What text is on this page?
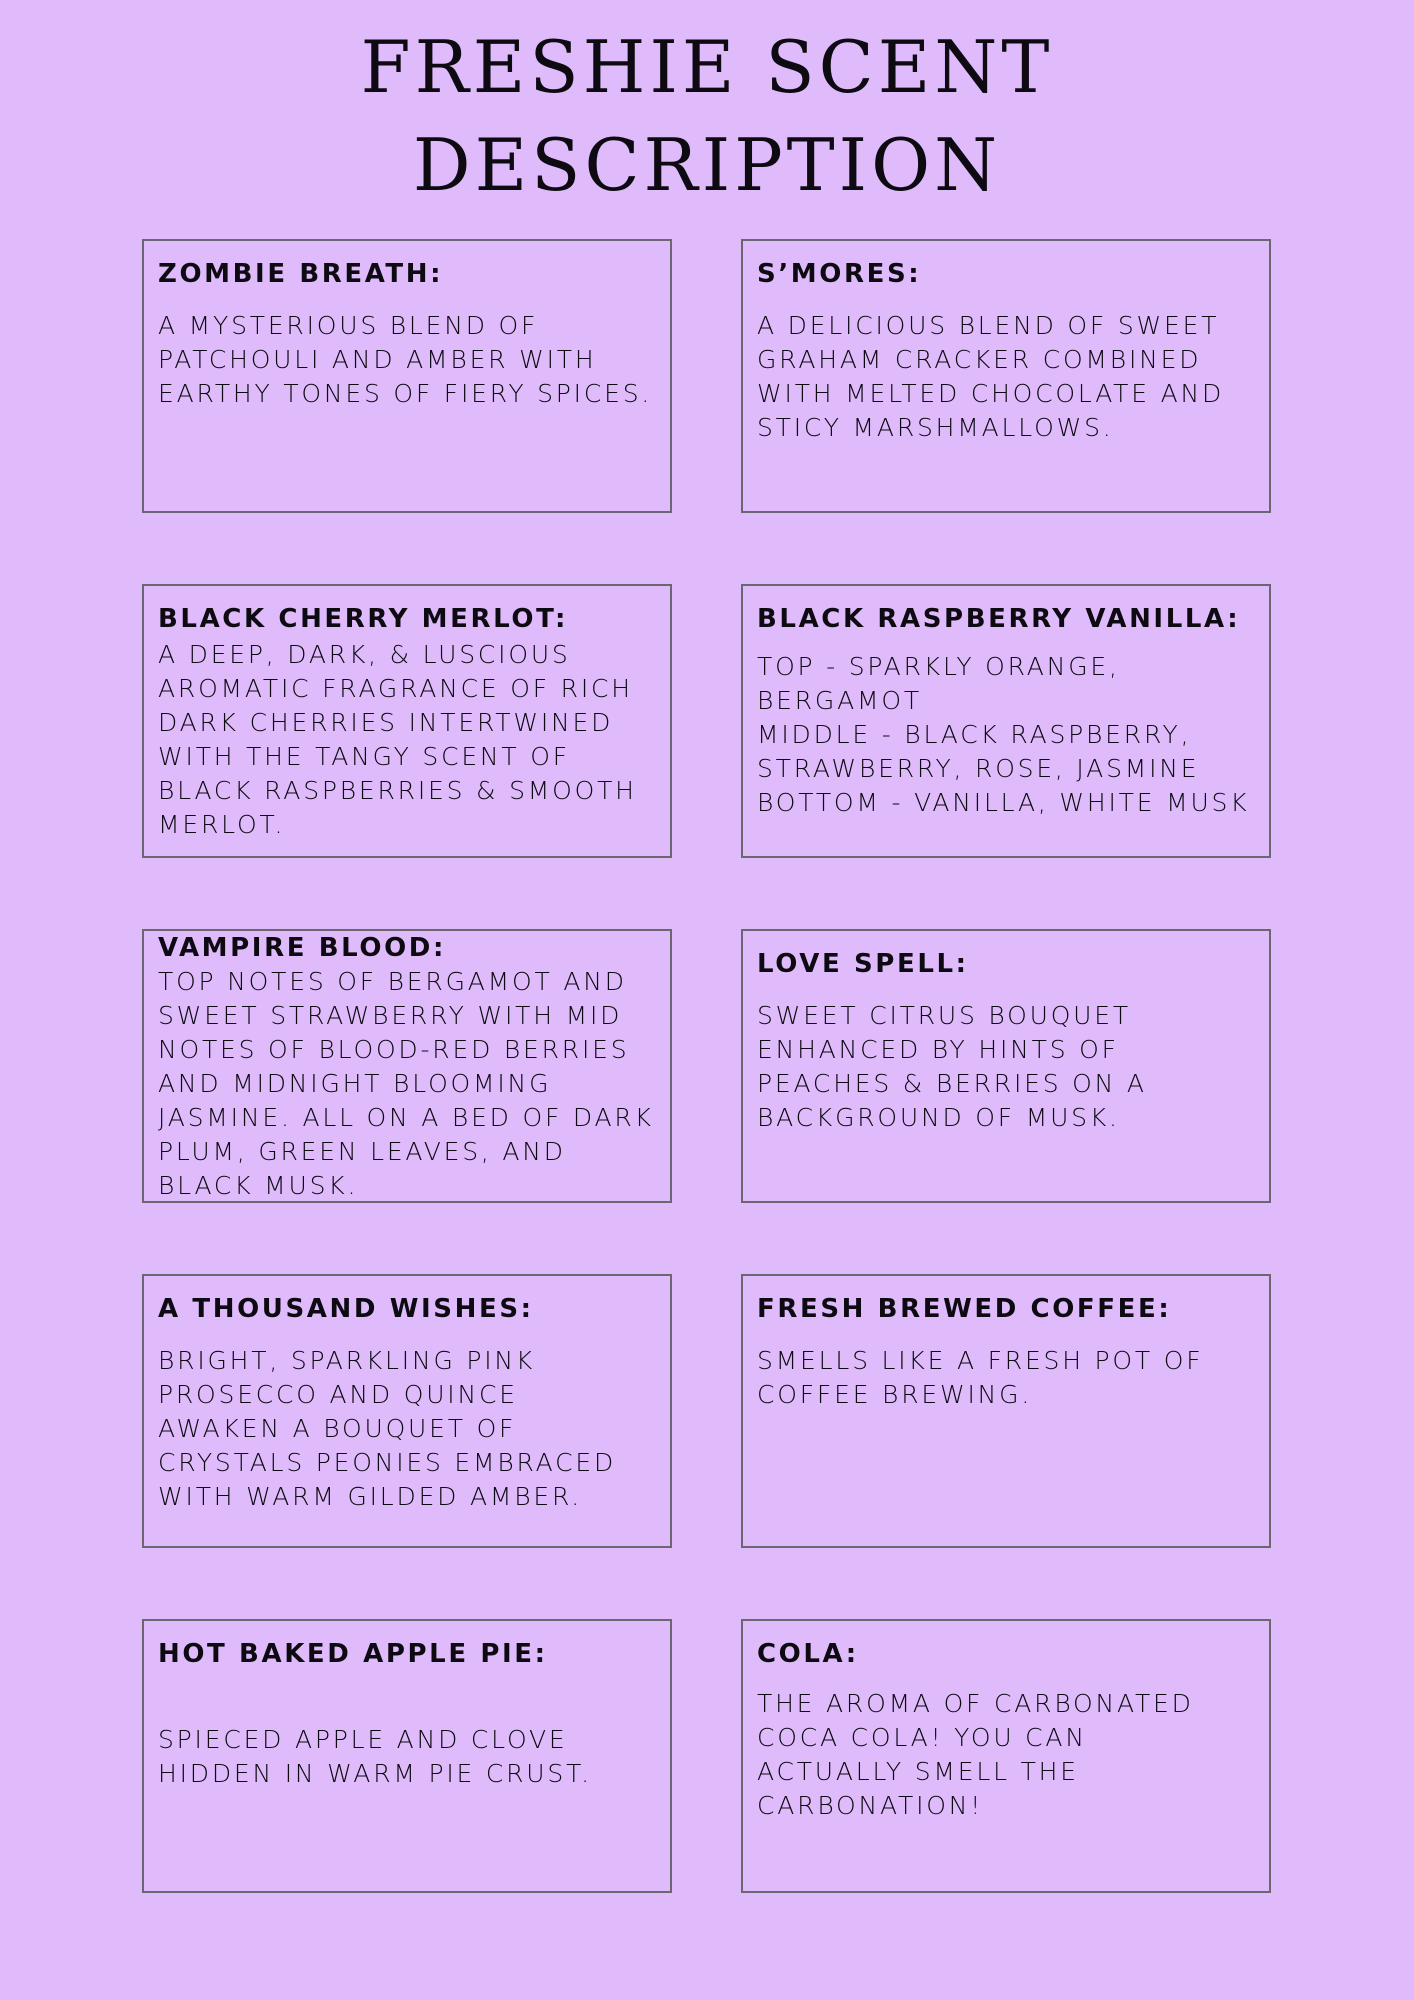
FRESHIE SCENT
DESCRIPTION

ZOMBIE BREATH:

A MYSTERIOUS BLEND OF
PATCHOULI AND AMBER WITH
EARTHY TONES OF FIERY SPICES.

S’MORES:

A DELICIOUS BLEND OF SWEET
GRAHAM CRACKER COMBINED
WITH MELTED CHOCOLATE AND
STICY MARSHMALLOWS.

BLACK CHERRY MERLOT:

A DEEP, DARK, & LUSCIOUS
AROMATIC FRAGRANCE OF RICH
DARK CHERRIES INTERTWINED
WITH THE TANGY SCENT OF
BLACK RASPBERRIES & SMOOTH
MERLOT.

BLACK RASPBERRY VANILLA:

TOP - SPARKLY ORANGE,
BERGAMOT
MIDDLE - BLACK RASPBERRY,
STRAWBERRY, ROSE, JASMINE
BOTTOM - VANILLA, WHITE MUSK

VAMPIRE BLOOD:

TOP NOTES OF BERGAMOT AND
SWEET STRAWBERRY WITH MID
NOTES OF BLOOD-RED BERRIES
AND MIDNIGHT BLOOMING
JASMINE. ALL ON A BED OF DARK
PLUM, GREEN LEAVES, AND
BLACK MUSK.

LOVE SPELL:

SWEET CITRUS BOUQUET
ENHANCED BY HINTS OF
PEACHES & BERRIES ON A
BACKGROUND OF MUSK.

A THOUSAND WISHES:

BRIGHT, SPARKLING PINK
PROSECCO AND QUINCE
AWAKEN A BOUQUET OF
CRYSTALS PEONIES EMBRACED
WITH WARM GILDED AMBER.

FRESH BREWED COFFEE:

SMELLS LIKE A FRESH POT OF
COFFEE BREWING.

HOT BAKED APPLE PIE:

SPIECED APPLE AND CLOVE
HIDDEN IN WARM PIE CRUST.

COLA:

THE AROMA OF CARBONATED
COCA COLA! YOU CAN
ACTUALLY SMELL THE
CARBONATION!
